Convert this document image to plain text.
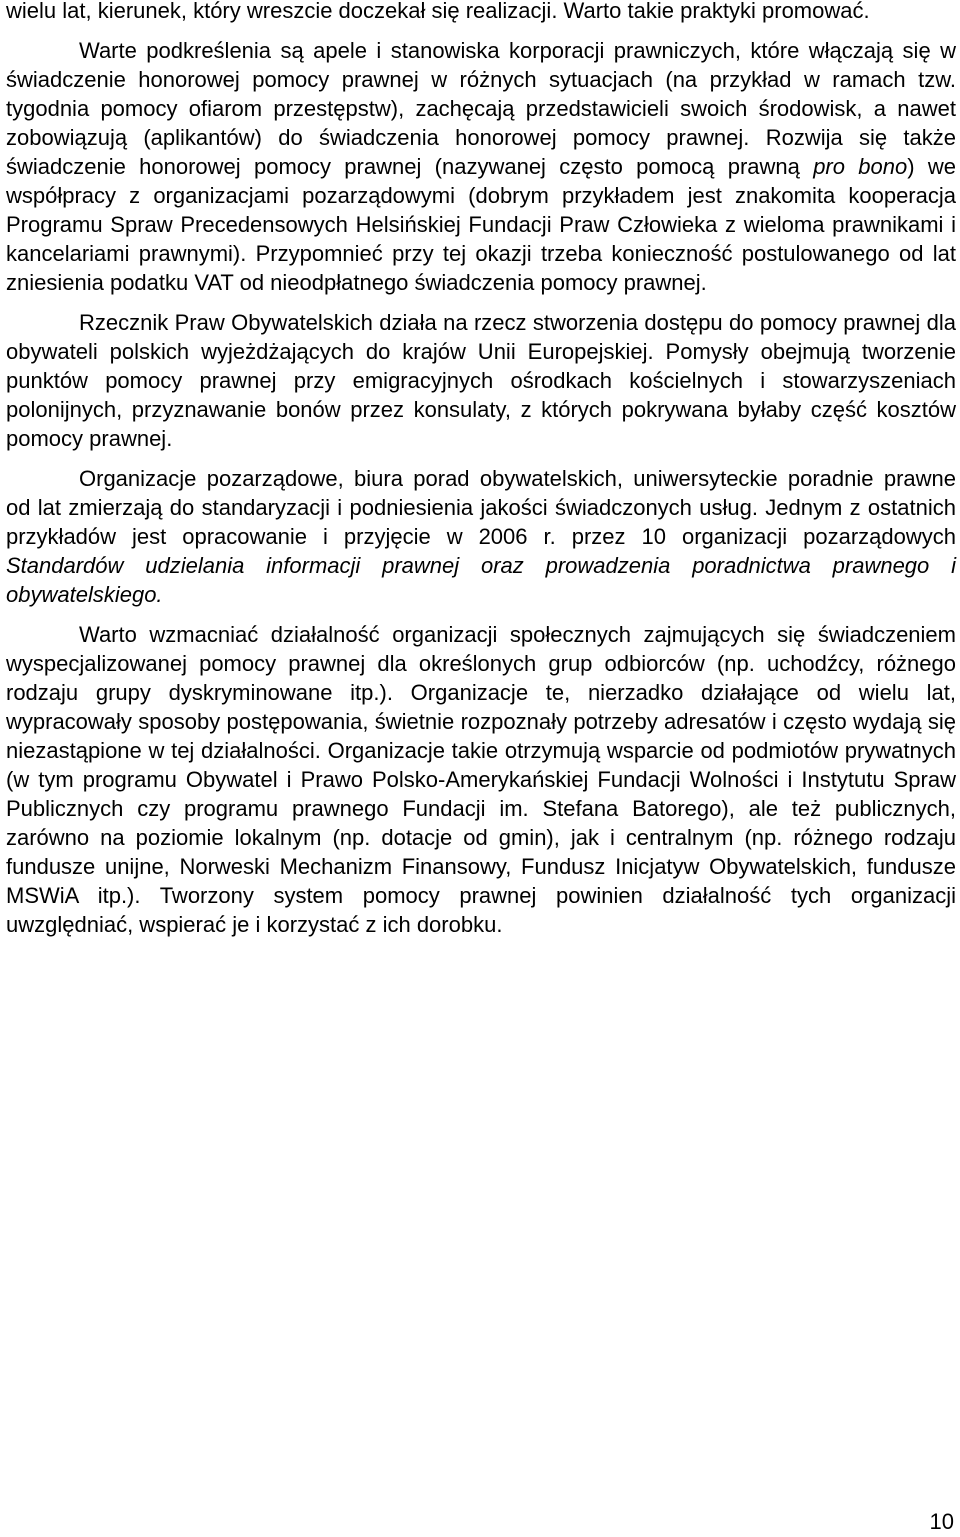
wielu lat, kierunek, który wreszcie doczekał się realizacji. Warto takie praktyki promować.

Warte podkreślenia są apele i stanowiska korporacji prawniczych, które włączają się w świadczenie honorowej pomocy prawnej w różnych sytuacjach (na przykład w ramach tzw. tygodnia pomocy ofiarom przestępstw), zachęcają przedstawicieli swoich środowisk, a nawet zobowiązują (aplikantów) do świadczenia honorowej pomocy prawnej. Rozwija się także świadczenie honorowej pomocy prawnej (nazywanej często pomocą prawną pro bono) we współpracy z organizacjami pozarządowymi (dobrym przykładem jest znakomita kooperacja Programu Spraw Precedensowych Helsińskiej Fundacji Praw Człowieka z wieloma prawnikami i kancelariami prawnymi). Przypomnieć przy tej okazji trzeba konieczność postulowanego od lat zniesienia podatku VAT od nieodpłatnego świadczenia pomocy prawnej.

Rzecznik Praw Obywatelskich działa na rzecz stworzenia dostępu do pomocy prawnej dla obywateli polskich wyjeżdżających do krajów Unii Europejskiej. Pomysły obejmują tworzenie punktów pomocy prawnej przy emigracyjnych ośrodkach kościelnych i stowarzyszeniach polonijnych, przyznawanie bonów przez konsulaty, z których pokrywana byłaby część kosztów pomocy prawnej.

Organizacje pozarządowe, biura porad obywatelskich, uniwersyteckie poradnie prawne od lat zmierzają do standaryzacji i podniesienia jakości świadczonych usług. Jednym z ostatnich przykładów jest opracowanie i przyjęcie w 2006 r. przez 10 organizacji pozarządowych Standardów udzielania informacji prawnej oraz prowadzenia poradnictwa prawnego i obywatelskiego.

Warto wzmacniać działalność organizacji społecznych zajmujących się świadczeniem wyspecjalizowanej pomocy prawnej dla określonych grup odbiorców (np. uchodźcy, różnego rodzaju grupy dyskryminowane itp.). Organizacje te, nierzadko działające od wielu lat, wypracowały sposoby postępowania, świetnie rozpoznały potrzeby adresatów i często wydają się niezastąpione w tej działalności. Organizacje takie otrzymują wsparcie od podmiotów prywatnych (w tym programu Obywatel i Prawo Polsko-Amerykańskiej Fundacji Wolności i Instytutu Spraw Publicznych czy programu prawnego Fundacji im. Stefana Batorego), ale też publicznych, zarówno na poziomie lokalnym (np. dotacje od gmin), jak i centralnym (np. różnego rodzaju fundusze unijne, Norweski Mechanizm Finansowy, Fundusz Inicjatyw Obywatelskich, fundusze MSWiA itp.). Tworzony system pomocy prawnej powinien działalność tych organizacji uwzględniać, wspierać je i korzystać z ich dorobku.

10
